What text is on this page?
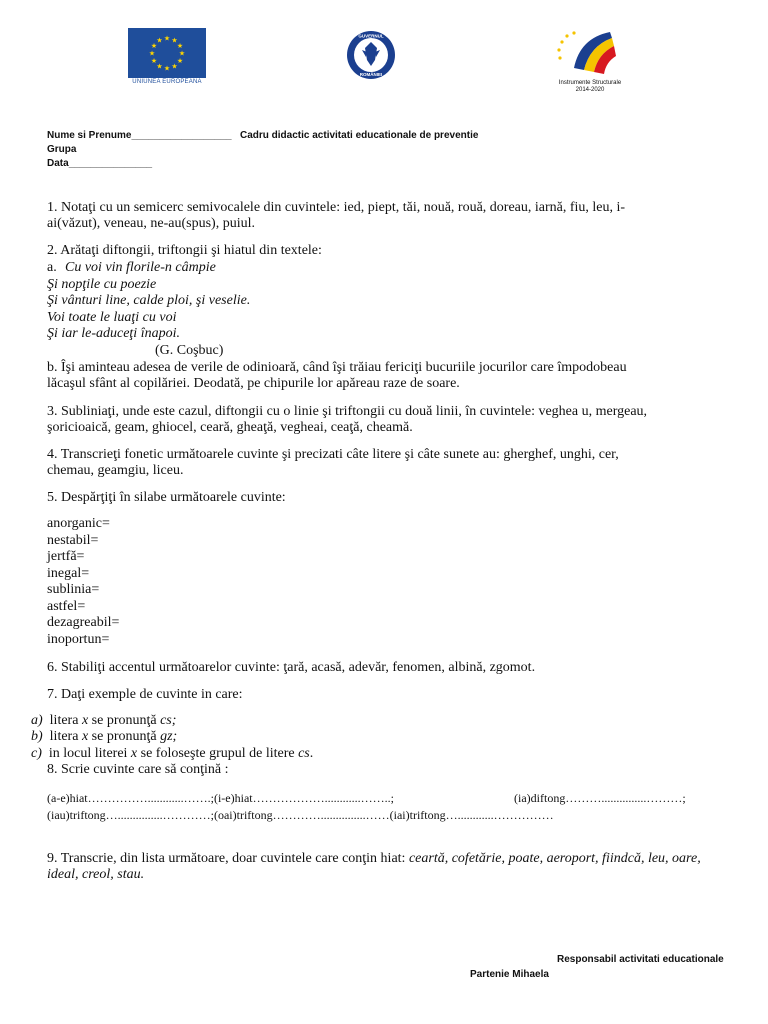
★ ★
★
★
★
★
★
★
★
★
★
★
UNIUNEA EUROPEANĂ
GUVERNUL
ROMÂNIEI
Instrumente Structurale
2014-2020
Nume si Prenume__________________ Cadru didactic activitati educationale de preventie
Grupa
Data_______________
1. Notaţi cu un semicerc semivocalele din cuvintele: ied, piept, tăi, nouă, rouă, doreau, iarnă, fiu, leu, i-
ai(văzut), veneau, ne-au(spus), puiul.
2. Arătaţi diftongii, triftongii şi hiatul din textele:
a. Cu voi vin florile-n câmpie
Şi nopţile cu poezie
Şi vânturi line, calde ploi, şi veselie.
Voi toate le luaţi cu voi
Şi iar le-aduceţi înapoi.
(G. Coşbuc)
b. Îşi aminteau adesea de verile de odinioară, când îşi trăiau fericiţi bucuriile jocurilor care împodobeau
lăcaşul sfânt al copilăriei. Deodată, pe chipurile lor apăreau raze de soare.
3. Subliniaţi, unde este cazul, diftongii cu o linie şi triftongii cu două linii, în cuvintele: veghea u, mergeau,
şoricioaică, geam, ghiocel, ceară, gheaţă, vegheai, ceaţă, cheamă.
4. Transcrieţi fonetic următoarele cuvinte şi precizati câte litere şi câte sunete au: gherghef, unghi, cer,
chemau, geamgiu, liceu.
5. Despărţiţi în silabe următoarele cuvinte:
anorganic=
nestabil=
jertfă=
inegal=
sublinia=
astfel=
dezagreabil=
inoportun=
6. Stabiliţi accentul următoarelor cuvinte: ţară, acasă, adevăr, fenomen, albină, zgomot.
7. Daţi exemple de cuvinte in care:
a) litera x se pronunţă cs;
b) litera x se pronunţă gz;
c) in locul literei x se foloseşte grupul de litere cs.
8. Scrie cuvinte care să conţină :
(a-e)hiat……………............…….;(i-e)hiat………………............……..;	(ia)diftong………...............………;
(iau)triftong…...............…………;(oai)triftong…………...............……(iai)triftong…............……………
9. Transcrie, din lista următoare, doar cuvintele care conţin hiat: ceartă, cofetărie, poate, aeroport, fiindcă, leu, oare,
ideal, creol, stau.
Responsabil activitati educationale
Partenie Mihaela
